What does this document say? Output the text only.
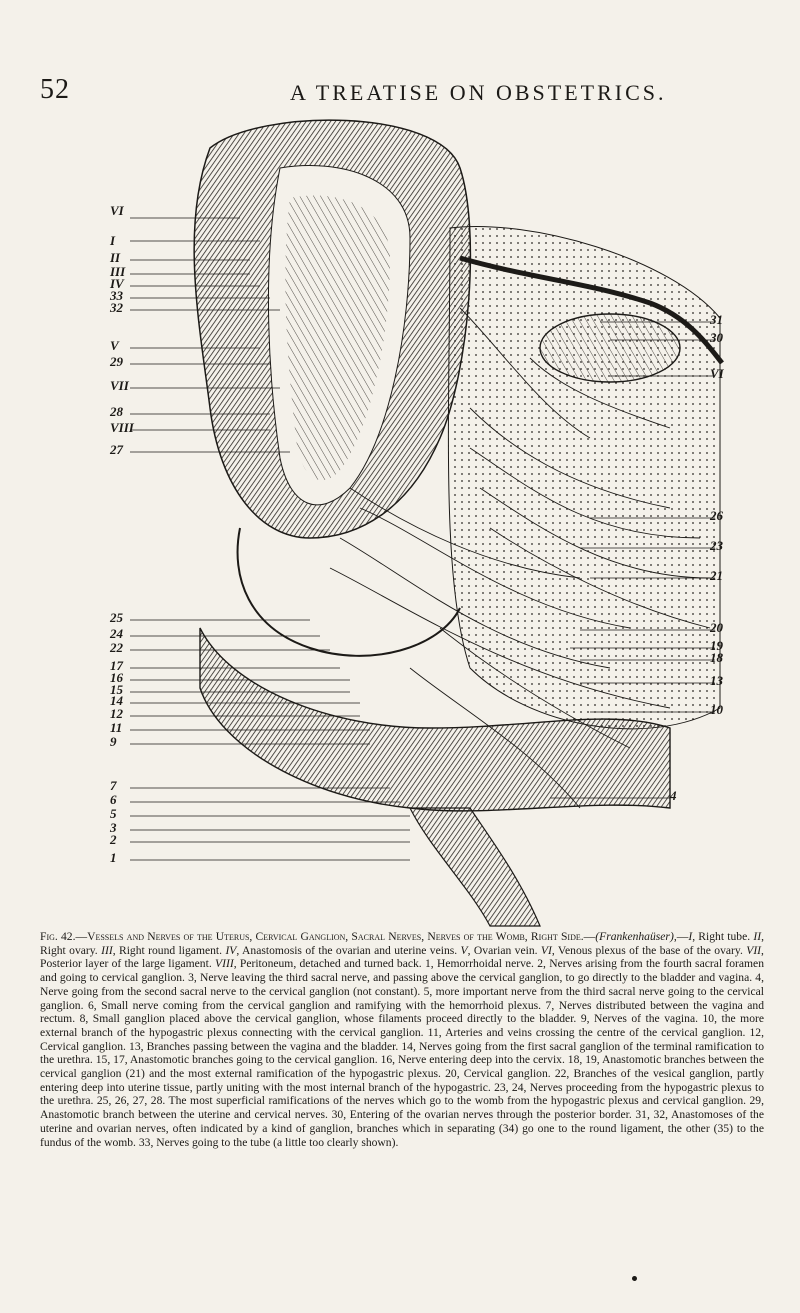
52	A TREATISE ON OBSTETRICS.
VI
I
II
III
IV
33
32
V
29
VII
28
VIII
27
25
24
22
17
16
15
14
12
11
9
7
6
5
3
2
1
31
30
VI
26
23
21
20
19
18
13
10
4
Fig. 42.—Vessels and Nerves of the Uterus, Cervical Ganglion, Sacral Nerves, Nerves of the Womb, Right Side.—(Frankenhaüser),—I, Right tube. II, Right ovary. III, Right round ligament. IV, Anastomosis of the ovarian and uterine veins. V, Ovarian vein. VI, Venous plexus of the base of the ovary. VII, Posterior layer of the large ligament. VIII, Peritoneum, detached and turned back. 1, Hemorrhoidal nerve. 2, Nerves arising from the fourth sacral foramen and going to cervical ganglion. 3, Nerve leaving the third sacral nerve, and passing above the cervical ganglion, to go directly to the bladder and vagina. 4, Nerve going from the second sacral nerve to the cervical ganglion (not constant). 5, more important nerve from the third sacral nerve going to the cervical ganglion. 6, Small nerve coming from the cervical ganglion and ramifying with the hemorrhoid plexus. 7, Nerves distributed between the vagina and rectum. 8, Small ganglion placed above the cervical ganglion, whose filaments proceed directly to the bladder. 9, Nerves of the vagina. 10, the more external branch of the hypogastric plexus connecting with the cervical ganglion. 11, Arteries and veins crossing the centre of the cervical ganglion. 12, Cervical ganglion. 13, Branches passing between the vagina and the bladder. 14, Nerves going from the first sacral ganglion of the terminal ramification to the urethra. 15, 17, Anastomotic branches going to the cervical ganglion. 16, Nerve entering deep into the cervix. 18, 19, Anastomotic branches between the cervical ganglion (21) and the most external ramification of the hypogastric plexus. 20, Cervical ganglion. 22, Branches of the vesical ganglion, partly entering deep into uterine tissue, partly uniting with the most internal branch of the hypogastric. 23, 24, Nerves proceeding from the hypogastric plexus to the urethra. 25, 26, 27, 28. The most superficial ramifications of the nerves which go to the womb from the hypogastric plexus and cervical ganglion. 29, Anastomotic branch between the uterine and cervical nerves. 30, Entering of the ovarian nerves through the posterior border. 31, 32, Anastomoses of the uterine and ovarian nerves, often indicated by a kind of ganglion, branches which in separating (34) go one to the round ligament, the other (35) to the fundus of the womb. 33, Nerves going to the tube (a little too clearly shown).
